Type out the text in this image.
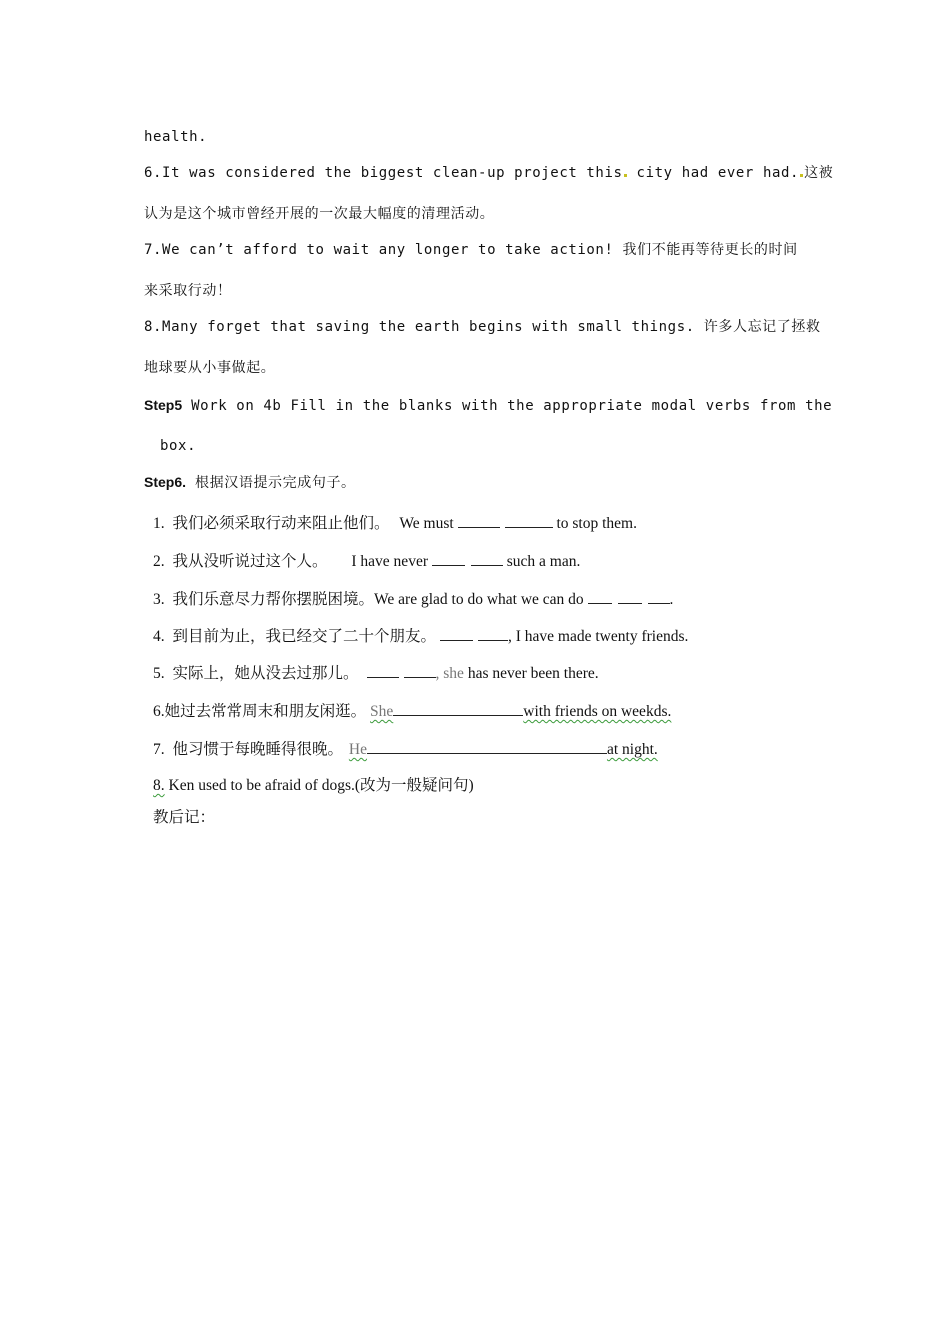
health.
6.It was considered the biggest clean-up project this city had ever had. 这被
认为是这个城市曾经开展的一次最大幅度的清理活动。
7.We can’t afford to wait any longer to take action! 我们不能再等待更长的时间
来采取行动！
8.Many forget that saving the earth begins with small things. 许多人忘记了拯救
地球要从小事做起。
Step5 Work on 4b Fill in the blanks with the appropriate modal verbs from the
box.
Step6. 根据汉语提示完成句子。
1. 我们必须采取行动来阻止他们。 We must	to stop them.
2. 我从没听说过这个人。 I have never	such a man.
3. 我们乐意尽力帮你摆脱困境。We are glad to do what we can do	.
4. 到目前为止，我已经交了二十个朋友。	, I have made twenty friends.
5. 实际上，她从没去过那儿。	, she has never been there.
6.她过去常常周末和朋友闲逛。 She	with friends on weekds.
7. 他习惯于每晚睡得很晚。 He	at night.
8. Ken used to be afraid of dogs.(改为一般疑问句)
教后记：
